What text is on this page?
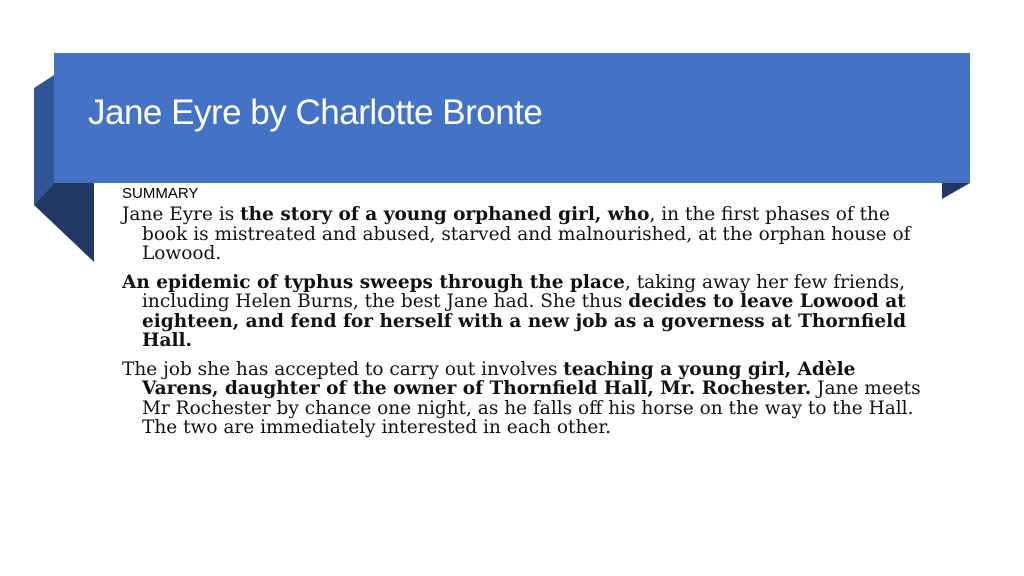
Jane Eyre by Charlotte Bronte

SUMMARY

Jane Eyre is the story of a young orphaned girl, who, in the first phases of the book is mistreated and abused, starved and malnourished, at the orphan house of Lowood.

An epidemic of typhus sweeps through the place, taking away her few friends, including Helen Burns, the best Jane had. She thus decides to leave Lowood at eighteen, and fend for herself with a new job as a governess at Thornfield Hall.

The job she has accepted to carry out involves teaching a young girl, Adèle Varens, daughter of the owner of Thornfield Hall, Mr. Rochester. Jane meets Mr Rochester by chance one night, as he falls off his horse on the way to the Hall. The two are immediately interested in each other.
